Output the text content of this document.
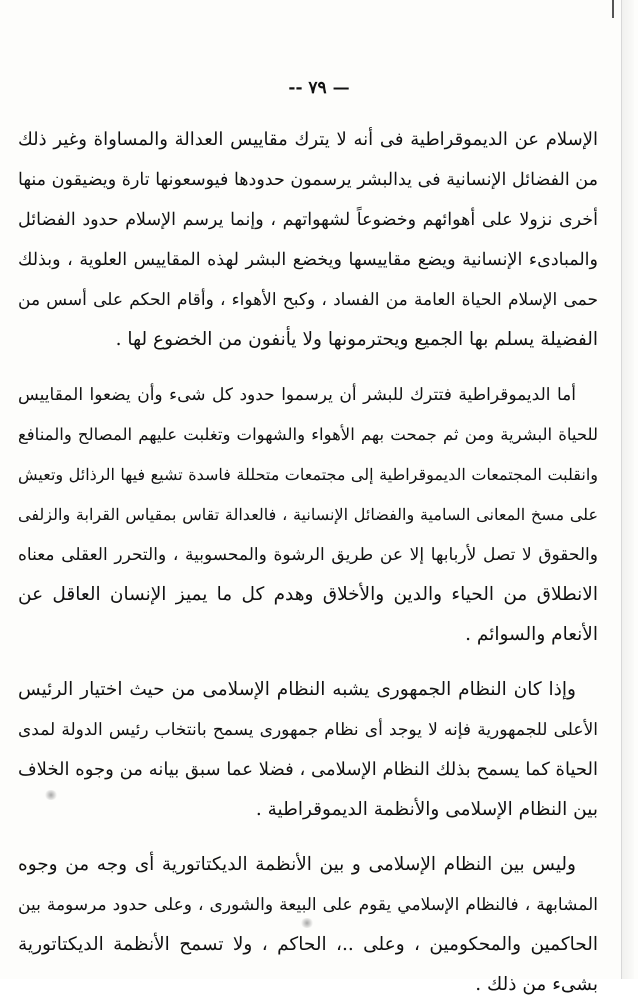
— ٧٩ --
الإسلام عن الديموقراطية فى أنه لا يترك مقاييس العدالة والمساواة وغير ذلك
من الفضائل الإنسانية فى يدالبشر يرسمون حدودها فيوسعونها تارة ويضيقون منها
أخرى نزولا على أهوائهم وخضوعاً لشهواتهم ، وإنما يرسم الإسلام حدود الفضائل
والمبادىء الإنسانية ويضع مقاييسها ويخضع البشر لهذه المقاييس العلوية ، وبذلك
حمى الإسلام الحياة العامة من الفساد ، وكبح الأهواء ، وأقام الحكم على أسس من
الفضيلة يسلم بها الجميع ويحترمونها ولا يأنفون من الخضوع لها .
أما الديموقراطية فتترك للبشر أن يرسموا حدود كل شىء وأن يضعوا المقاييس
للحياة البشرية ومن ثم جمحت بهم الأهواء والشهوات وتغلبت عليهم المصالح والمنافع
وانقلبت المجتمعات الديموقراطية إلى مجتمعات متحللة فاسدة تشيع فيها الرذائل وتعيش
على مسخ المعانى السامية والفضائل الإنسانية ، فالعدالة تقاس بمقياس القرابة والزلفى
والحقوق لا تصل لأربابها إلا عن طريق الرشوة والمحسوبية ، والتحرر العقلى معناه
الانطلاق من الحياء والدين والأخلاق وهدم كل ما يميز الإنسان العاقل عن
الأنعام والسوائم .
وإذا كان النظام الجمهورى يشبه النظام الإسلامى من حيث اختيار الرئيس
الأعلى للجمهورية فإنه لا يوجد أى نظام جمهورى يسمح بانتخاب رئيس الدولة لمدى
الحياة كما يسمح بذلك النظام الإسلامى ، فضلا عما سبق بيانه من وجوه الخلاف
بين النظام الإسلامى والأنظمة الديموقراطية .
وليس بين النظام الإسلامى و بين الأنظمة الديكتاتورية أى وجه من وجوه
المشابهة ، فالنظام الإسلامي يقوم على البيعة والشورى ، وعلى حدود مرسومة بين
الحاكمين والمحكومين ، وعلى ..، الحاكم ، ولا تسمح الأنظمة الديكتاتورية
بشىء من ذلك .
